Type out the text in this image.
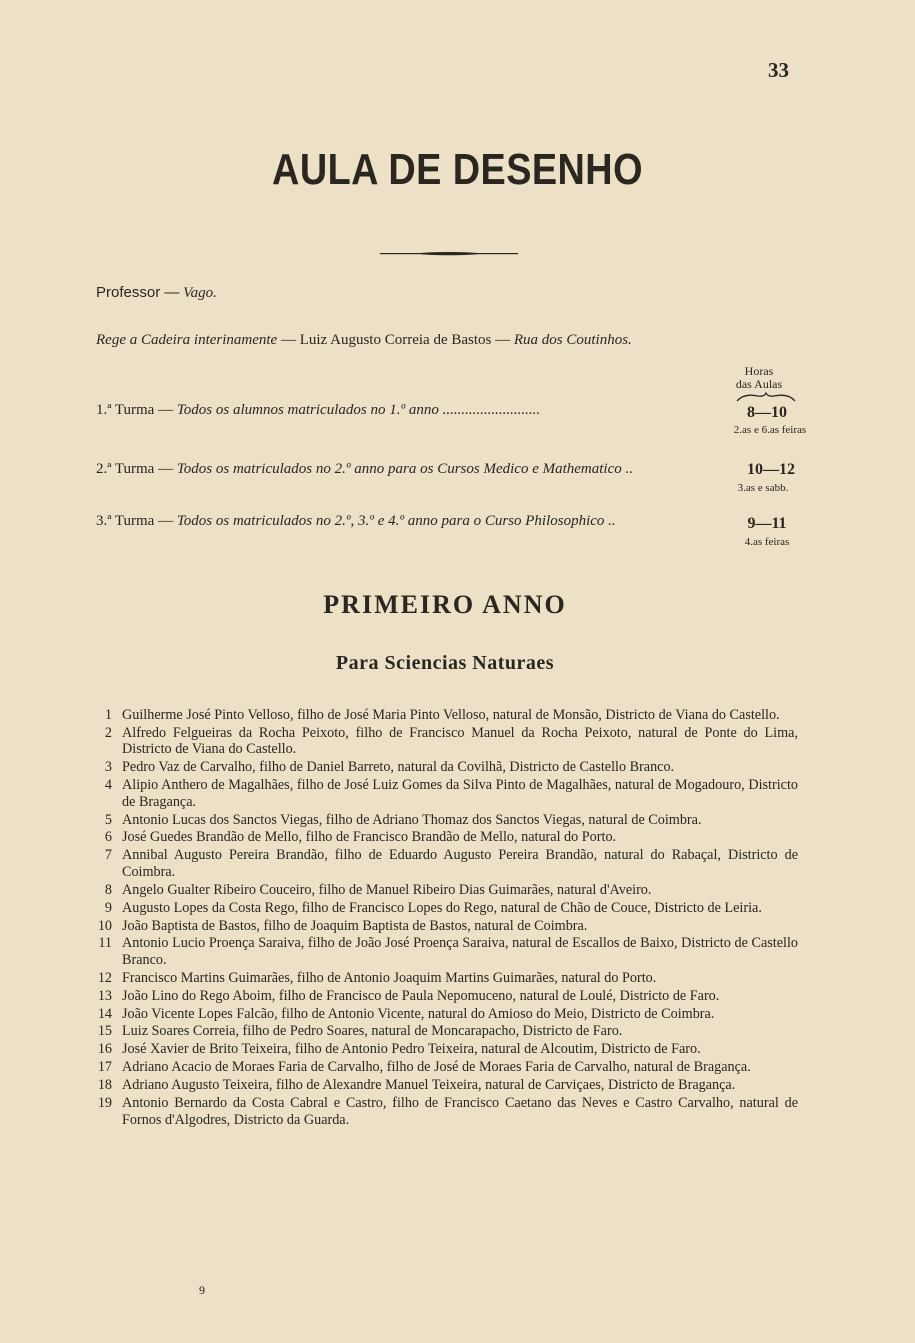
33
AULA DE DESENHO
Professor — Vago.
Rege a Cadeira interinamente — Luiz Augusto Correia de Bastos — Rua dos Coutinhos.
Horas
das Aulas
1.ª Turma — Todos os alumnos matriculados no 1.º anno ..........................	8—10
2.as e 6.as feiras
2.ª Turma — Todos os matriculados no 2.º anno para os Cursos Medico e Mathematico ..	10—12
3.as e sabb.
3.ª Turma — Todos os matriculados no 2.º, 3.º e 4.º anno para o Curso Philosophico ..	9—11
4.as feiras
PRIMEIRO ANNO
Para Sciencias Naturaes
1 Guilherme José Pinto Velloso, filho de José Maria Pinto Velloso, natural de Monsão, Districto de Viana do Castello.
2 Alfredo Felgueiras da Rocha Peixoto, filho de Francisco Manuel da Rocha Peixoto, natural de Ponte do Lima, Districto de Viana do Castello.
3 Pedro Vaz de Carvalho, filho de Daniel Barreto, natural da Covilhã, Districto de Castello Branco.
4 Alipio Anthero de Magalhães, filho de José Luiz Gomes da Silva Pinto de Magalhães, natural de Mogadouro, Districto de Bragança.
5 Antonio Lucas dos Sanctos Viegas, filho de Adriano Thomaz dos Sanctos Viegas, natural de Coimbra.
6 José Guedes Brandão de Mello, filho de Francisco Brandão de Mello, natural do Porto.
7 Annibal Augusto Pereira Brandão, filho de Eduardo Augusto Pereira Brandão, natural do Rabaçal, Districto de Coimbra.
8 Angelo Gualter Ribeiro Couceiro, filho de Manuel Ribeiro Dias Guimarães, natural d'Aveiro.
9 Augusto Lopes da Costa Rego, filho de Francisco Lopes do Rego, natural de Chão de Couce, Districto de Leiria.
10 João Baptista de Bastos, filho de Joaquim Baptista de Bastos, natural de Coimbra.
11 Antonio Lucio Proença Saraiva, filho de João José Proença Saraiva, natural de Escallos de Baixo, Districto de Castello Branco.
12 Francisco Martins Guimarães, filho de Antonio Joaquim Martins Guimarães, natural do Porto.
13 João Lino do Rego Aboim, filho de Francisco de Paula Nepomuceno, natural de Loulé, Districto de Faro.
14 João Vicente Lopes Falcão, filho de Antonio Vicente, natural do Amioso do Meio, Districto de Coimbra.
15 Luiz Soares Correia, filho de Pedro Soares, natural de Moncarapacho, Districto de Faro.
16 José Xavier de Brito Teixeira, filho de Antonio Pedro Teixeira, natural de Alcoutim, Districto de Faro.
17 Adriano Acacio de Moraes Faria de Carvalho, filho de José de Moraes Faria de Carvalho, natural de Bragança.
18 Adriano Augusto Teixeira, filho de Alexandre Manuel Teixeira, natural de Carviçaes, Districto de Bragança.
19 Antonio Bernardo da Costa Cabral e Castro, filho de Francisco Caetano das Neves e Castro Carvalho, natural de Fornos d'Algodres, Districto da Guarda.
9
